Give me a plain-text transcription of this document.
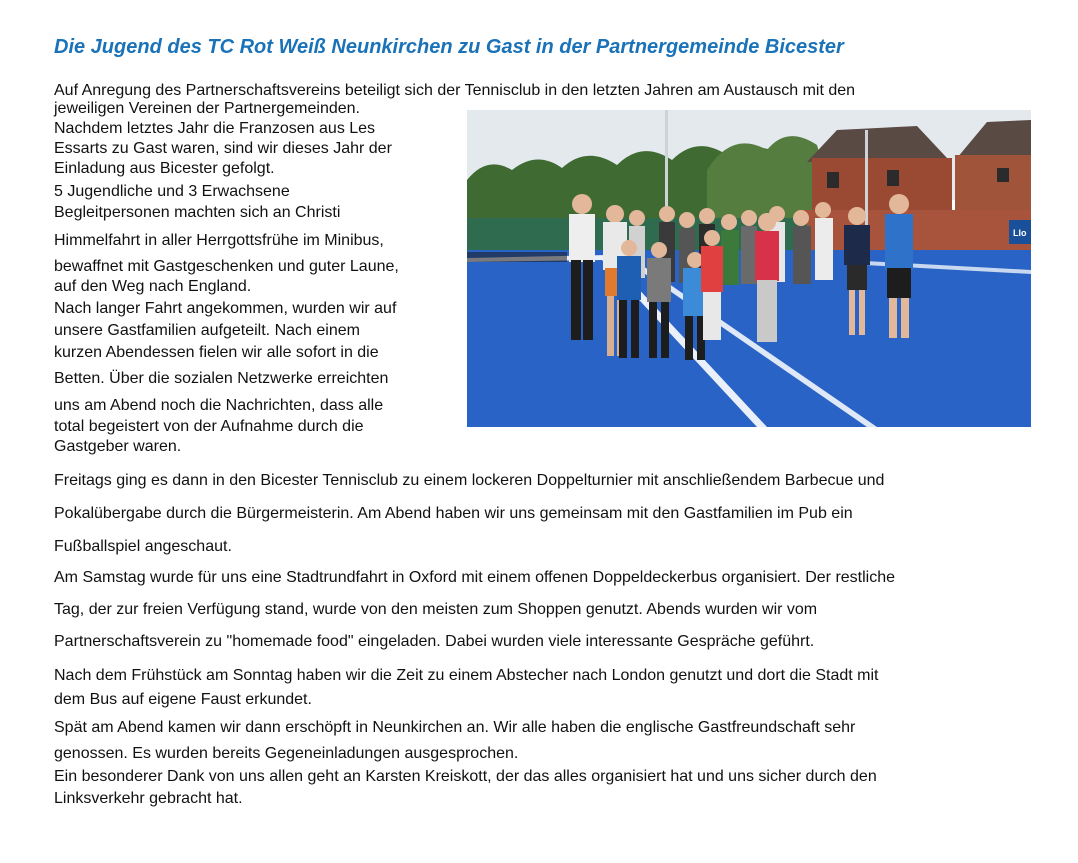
Die Jugend des TC Rot Weiß Neunkirchen zu Gast in der Partnergemeinde Bicester
Auf Anregung des Partnerschaftsvereins beteiligt sich der Tennisclub in den letzten Jahren am Austausch mit den
jeweiligen Vereinen der Partnergemeinden.
Nachdem letztes Jahr die Franzosen aus Les
Essarts zu Gast waren, sind wir dieses Jahr der
Einladung aus Bicester gefolgt.
5 Jugendliche und 3 Erwachsene
Begleitpersonen machten sich an Christi
Himmelfahrt in aller Herrgottsfrühe im Minibus,
bewaffnet mit Gastgeschenken und guter Laune,
auf den Weg nach England.
Nach langer Fahrt angekommen, wurden wir auf
unsere Gastfamilien aufgeteilt. Nach einem
kurzen Abendessen fielen wir alle sofort in die
Betten. Über die sozialen Netzwerke erreichten
uns am Abend noch die Nachrichten, dass alle
total begeistert von der Aufnahme durch die
Gastgeber waren.
Freitags ging es dann in den Bicester Tennisclub zu einem lockeren Doppelturnier mit anschließendem Barbecue und
Pokalübergabe durch die Bürgermeisterin. Am Abend haben wir uns gemeinsam mit den Gastfamilien im Pub ein
Fußballspiel angeschaut.
Am Samstag wurde für uns eine Stadtrundfahrt in Oxford mit einem offenen Doppeldeckerbus organisiert. Der restliche
Tag, der zur freien Verfügung stand, wurde von den meisten zum Shoppen genutzt. Abends wurden wir vom
Partnerschaftsverein zu "homemade food" eingeladen. Dabei wurden viele interessante Gespräche geführt.
Nach dem Frühstück am Sonntag haben wir die Zeit zu einem Abstecher nach London genutzt und dort die Stadt mit
dem Bus auf eigene Faust erkundet.
Spät am Abend kamen wir dann erschöpft in Neunkirchen an. Wir alle haben die englische Gastfreundschaft sehr
genossen. Es wurden bereits Gegeneinladungen ausgesprochen.
Ein besonderer Dank von uns allen geht an Karsten Kreiskott, der das alles organisiert hat und uns sicher durch den
Linksverkehr gebracht hat.
Llo
